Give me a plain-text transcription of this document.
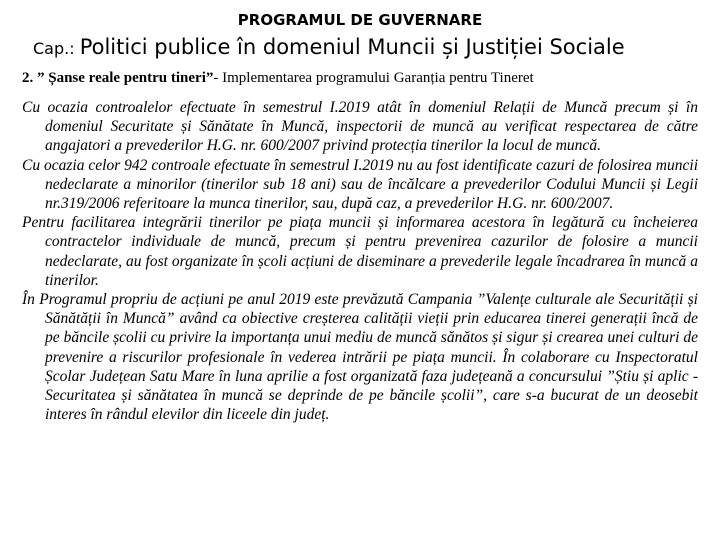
PROGRAMUL DE GUVERNARE
Cap.: Politici publice în domeniul Muncii și Justiției Sociale
2. ” Șanse reale pentru tineri”- Implementarea programului Garanția pentru Tineret

Cu ocazia controalelor efectuate în semestrul I.2019 atât în domeniul Relații de Muncă precum și în domeniul Securitate și Sănătate în Muncă, inspectorii de muncă au verificat respectarea de către angajatori a prevederilor H.G. nr. 600/2007 privind protecția tinerilor la locul de muncă.

Cu ocazia celor 942 controale efectuate în semestrul I.2019 nu au fost identificate cazuri de folosirea muncii nedeclarate a minorilor (tinerilor sub 18 ani) sau de încălcare a prevederilor Codului Muncii și Legii nr.319/2006 referitoare la munca tinerilor, sau, după caz, a prevederilor H.G. nr. 600/2007.

Pentru facilitarea integrării tinerilor pe piața muncii și informarea acestora în legătură cu încheierea contractelor individuale de muncă, precum și pentru prevenirea cazurilor de folosire a muncii nedeclarate, au fost organizate în școli acțiuni de diseminare a prevederile legale încadrarea în muncă a tinerilor.

În Programul propriu de acțiuni pe anul 2019 este prevăzută Campania ”Valențe culturale ale Securității și Sănătății în Muncă” având ca obiective creșterea calității vieții prin educarea tinerei generații încă de pe băncile școlii cu privire la importanța unui mediu de muncă sănătos și sigur și crearea unei culturi de prevenire a riscurilor profesionale în vederea intrării pe piața muncii. În colaborare cu Inspectoratul Școlar Județean Satu Mare în luna aprilie a fost organizată faza județeană a concursului ”Știu și aplic - Securitatea și sănătatea în muncă se deprinde de pe băncile școlii”, care s-a bucurat de un deosebit interes în rândul elevilor din liceele din județ.
